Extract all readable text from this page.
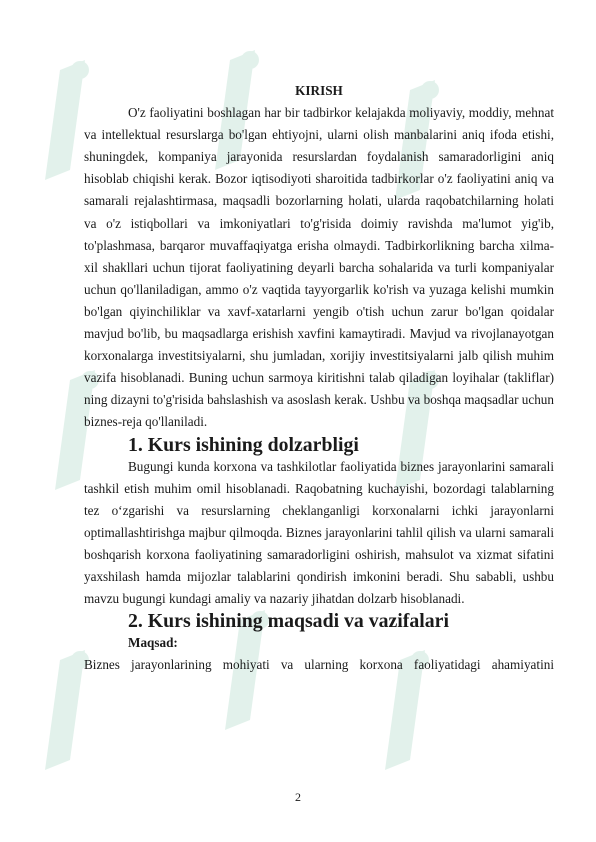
KIRISH

O'z faoliyatini boshlagan har bir tadbirkor kelajakda moliyaviy, moddiy, mehnat va intellektual resurslarga bo'lgan ehtiyojni, ularni olish manbalarini aniq ifoda etishi, shuningdek, kompaniya jarayonida resurslardan foydalanish samaradorligini aniq hisoblab chiqishi kerak. Bozor iqtisodiyoti sharoitida tadbirkorlar o'z faoliyatini aniq va samarali rejalashtirmasa, maqsadli bozorlarning holati, ularda raqobatchilarning holati va o'z istiqbollari va imkoniyatlari to'g'risida doimiy ravishda ma'lumot yig'ib, to'plashmasa, barqaror muvaffaqiyatga erisha olmaydi. Tadbirkorlikning barcha xilma-xil shakllari uchun tijorat faoliyatining deyarli barcha sohalarida va turli kompaniyalar uchun qo'llaniladigan, ammo o'z vaqtida tayyorgarlik ko'rish va yuzaga kelishi mumkin bo'lgan qiyinchiliklar va xavf-xatarlarni yengib o'tish uchun zarur bo'lgan qoidalar mavjud bo'lib, bu maqsadlarga erishish xavfini kamaytiradi. Mavjud va rivojlanayotgan korxonalarga investitsiyalarni, shu jumladan, xorijiy investitsiyalarni jalb qilish muhim vazifa hisoblanadi. Buning uchun sarmoya kiritishni talab qiladigan loyihalar (takliflar) ning dizayni to'g'risida bahslashish va asoslash kerak. Ushbu va boshqa maqsadlar uchun biznes-reja qo'llaniladi.

1. Kurs ishining dolzarbligi

Bugungi kunda korxona va tashkilotlar faoliyatida biznes jarayonlarini samarali tashkil etish muhim omil hisoblanadi. Raqobatning kuchayishi, bozordagi talablarning tez o‘zgarishi va resurslarning cheklanganligi korxonalarni ichki jarayonlarni optimallashtirishga majbur qilmoqda. Biznes jarayonlarini tahlil qilish va ularni samarali boshqarish korxona faoliyatining samaradorligini oshirish, mahsulot va xizmat sifatini yaxshilash hamda mijozlar talablarini qondirish imkonini beradi. Shu sababli, ushbu mavzu bugungi kundagi amaliy va nazariy jihatdan dolzarb hisoblanadi.

2. Kurs ishining maqsadi va vazifalari

Maqsad:

Biznes jarayonlarining mohiyati va ularning korxona faoliyatidagi ahamiyatini

2
